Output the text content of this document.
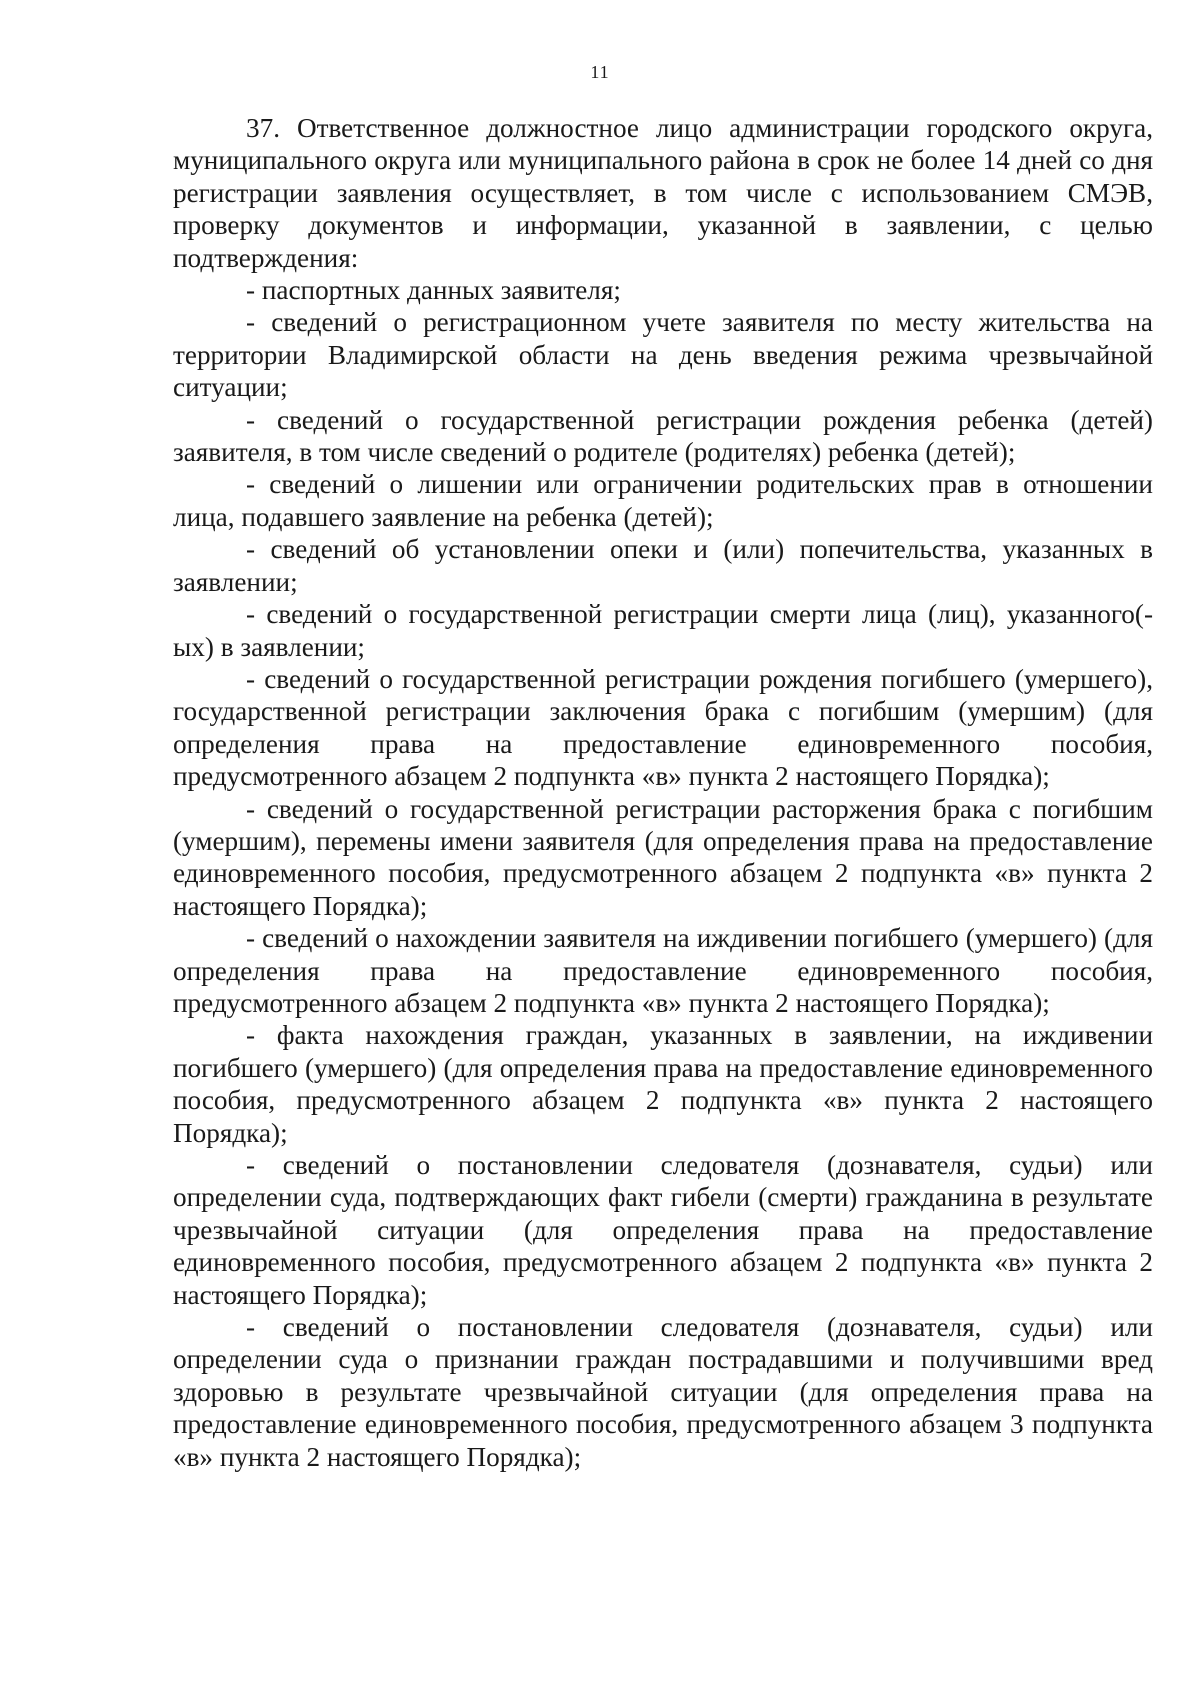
11

37. Ответственное должностное лицо администрации городского округа, муниципального округа или муниципального района в срок не более 14 дней со дня регистрации заявления осуществляет, в том числе с использованием СМЭВ, проверку документов и информации, указанной в заявлении, с целью подтверждения:

- паспортных данных заявителя;

- сведений о регистрационном учете заявителя по месту жительства на территории Владимирской области на день введения режима чрезвычайной ситуации;

- сведений о государственной регистрации рождения ребенка (детей) заявителя, в том числе сведений о родителе (родителях) ребенка (детей);

- сведений о лишении или ограничении родительских прав в отношении лица, подавшего заявление на ребенка (детей);

- сведений об установлении опеки и (или) попечительства, указанных в заявлении;

- сведений о государственной регистрации смерти лица (лиц), указанного(-ых) в заявлении;

- сведений о государственной регистрации рождения погибшего (умершего), государственной регистрации заключения брака с погибшим (умершим) (для определения права на предоставление единовременного пособия, предусмотренного абзацем 2 подпункта «в» пункта 2 настоящего Порядка);

- сведений о государственной регистрации расторжения брака с погибшим (умершим), перемены имени заявителя (для определения права на предоставление единовременного пособия, предусмотренного абзацем 2 подпункта «в» пункта 2 настоящего Порядка);

- сведений о нахождении заявителя на иждивении погибшего (умершего) (для определения права на предоставление единовременного пособия, предусмотренного абзацем 2 подпункта «в» пункта 2 настоящего Порядка);

- факта нахождения граждан, указанных в заявлении, на иждивении погибшего (умершего) (для определения права на предоставление единовременного пособия, предусмотренного абзацем 2 подпункта «в» пункта 2 настоящего Порядка);

- сведений о постановлении следователя (дознавателя, судьи) или определении суда, подтверждающих факт гибели (смерти) гражданина в результате чрезвычайной ситуации (для определения права на предоставление единовременного пособия, предусмотренного абзацем 2 подпункта «в» пункта 2 настоящего Порядка);

- сведений о постановлении следователя (дознавателя, судьи) или определении суда о признании граждан пострадавшими и получившими вред здоровью в результате чрезвычайной ситуации (для определения права на предоставление единовременного пособия, предусмотренного абзацем 3 подпункта «в» пункта 2 настоящего Порядка);
